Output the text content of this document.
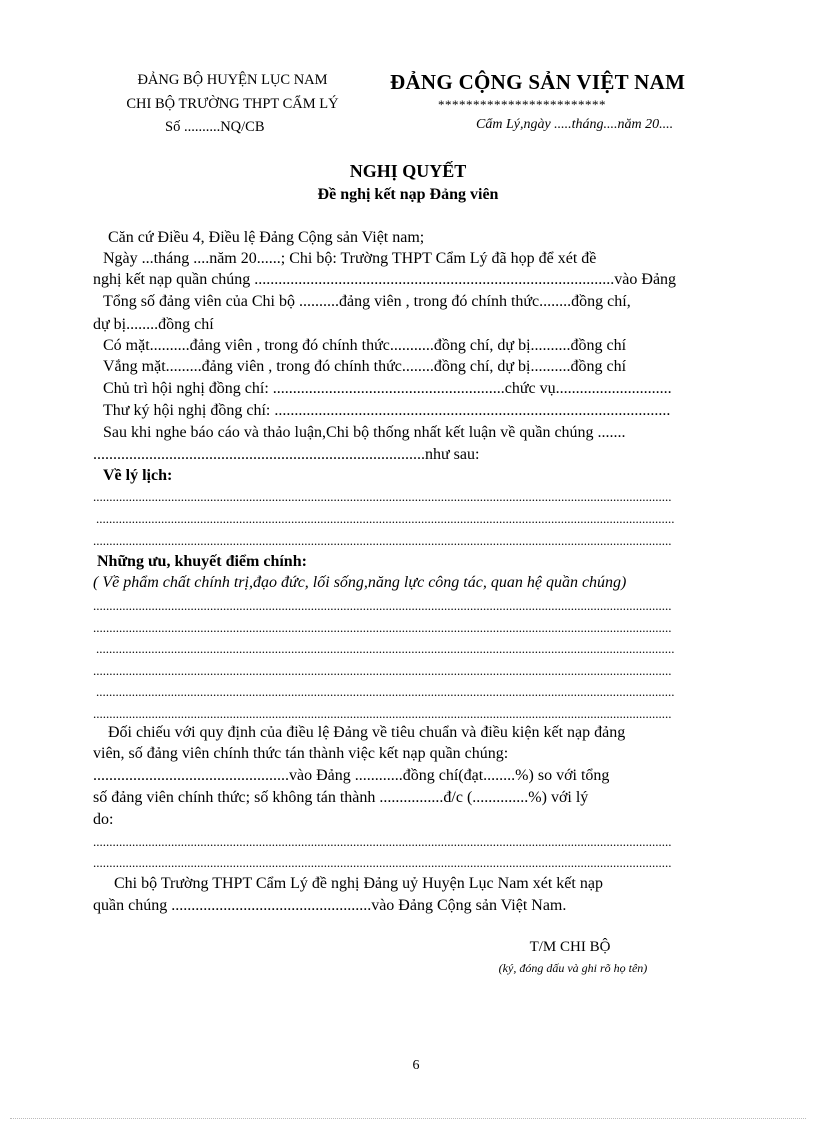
ĐẢNG BỘ HUYỆN LỤC NAM
CHI BỘ TRƯỜNG THPT CẨM LÝ
Số ..........NQ/CB
ĐẢNG CỘNG SẢN VIỆT NAM
************************
Cẩm Lý,ngày .....tháng....năm 20....
NGHỊ QUYẾT
Đề nghị kết nạp Đảng viên
Căn cứ Điều 4, Điều lệ Đảng Cộng sản Việt nam;
Ngày ...tháng ....năm 20......; Chi bộ: Trường THPT Cẩm Lý đã họp để xét đề
nghị kết nạp quần chúng ..........................................................................................vào Đảng
Tổng số đảng viên của Chi bộ ..........đảng viên , trong đó chính thức........đồng chí,
dự bị........đồng chí
Có mặt..........đảng viên , trong đó chính thức...........đồng chí, dự bị..........đồng chí
Vắng mặt.........đảng viên , trong đó chính thức........đồng chí, dự bị..........đồng chí
Chủ trì hội nghị đồng chí: ..........................................................chức vụ.............................
Thư ký hội nghị đồng chí: ...................................................................................................
Sau khi nghe báo cáo và thảo luận,Chi bộ thống nhất kết luận về quần chúng .......
...................................................................................như sau:
Về lý lịch:
..................................................................................................................................................................................
..................................................................................................................................................................................
..................................................................................................................................................................................
Những ưu, khuyết điểm chính:
( Về phẩm chất chính trị,đạo đức, lối sống,năng lực công tác, quan hệ quần chúng)
..................................................................................................................................................................................
..................................................................................................................................................................................
..................................................................................................................................................................................
..................................................................................................................................................................................
..................................................................................................................................................................................
..................................................................................................................................................................................
Đối chiếu với quy định của điều lệ Đảng về tiêu chuẩn và điều kiện kết nạp đảng
viên, số đảng viên chính thức tán thành việc kết nạp quần chúng:
.................................................vào Đảng ............đồng chí(đạt........%) so với tổng
số đảng viên chính thức; số không tán thành ................đ/c (..............%) với lý
do:
..................................................................................................................................................................................
..................................................................................................................................................................................
Chi bộ Trường THPT Cẩm Lý đề nghị Đảng uỷ Huyện Lục Nam xét kết nạp
quần chúng ..................................................vào Đảng Cộng sản Việt Nam.
T/M CHI BỘ
(ký, đóng dấu và ghi rõ họ tên)
6
